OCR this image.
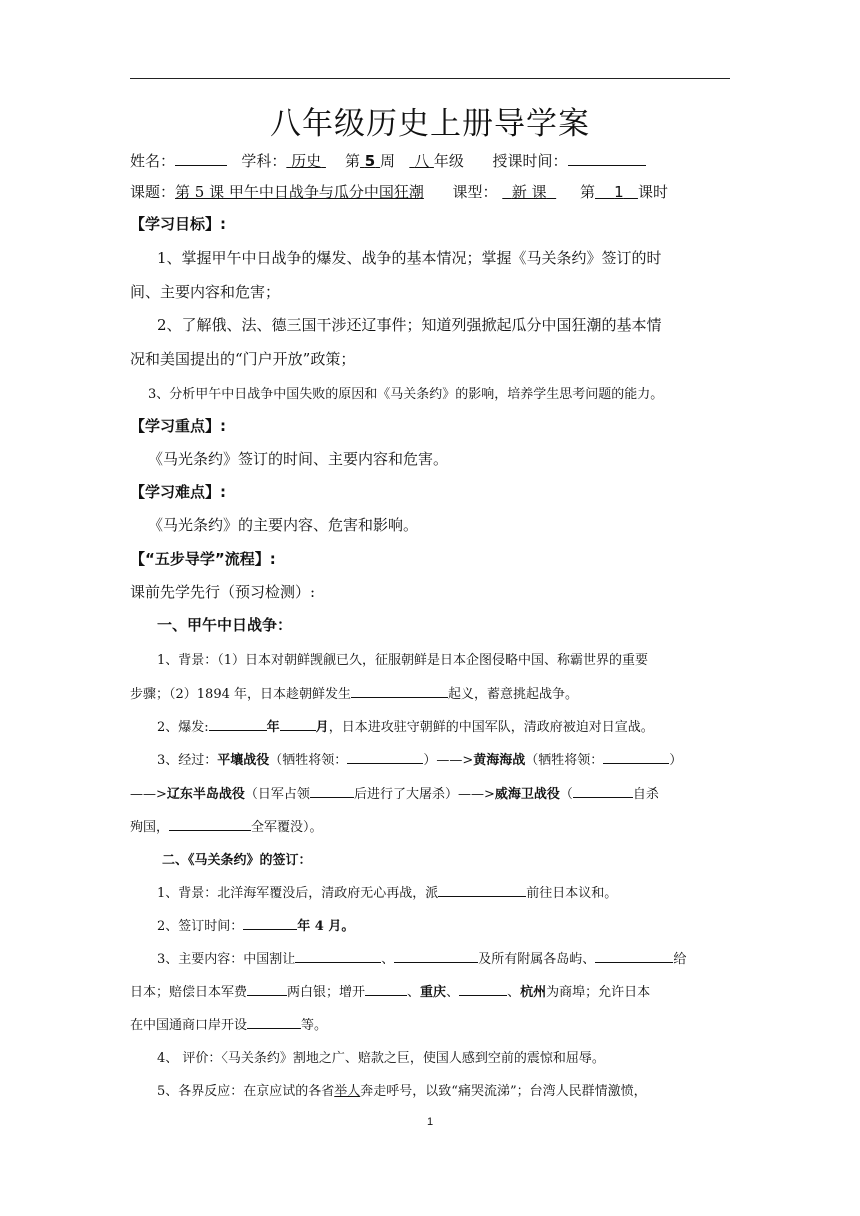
八年级历史上册导学案
姓名：	学科： 历史 第 5 周 八 年级 授课时间：
课题：第 5 课 甲午中日战争与瓜分中国狂潮 课型： 新 课 第 1 课时
【学习目标】:
1、掌握甲午中日战争的爆发、战争的基本情况；掌握《马关条约》签订的时
间、主要内容和危害；
2、了解俄、法、德三国干涉还辽事件；知道列强掀起瓜分中国狂潮的基本情
况和美国提出的“门户开放”政策；
3、分析甲午中日战争中国失败的原因和《马关条约》的影响，培养学生思考问题的能力。
【学习重点】:
《马光条约》签订的时间、主要内容和危害。
【学习难点】:
《马光条约》的主要内容、危害和影响。
【“五步导学”流程】:
课前先学先行（预习检测）:
一、甲午中日战争：
1、背景：（1）日本对朝鲜觊觎已久，征服朝鲜是日本企图侵略中国、称霸世界的重要
步骤；（2）1894 年，日本趁朝鲜发生	起义，蓄意挑起战争。
2、爆发:	年	月，日本进攻驻守朝鲜的中国军队，清政府被迫对日宣战。
3、经过：平壤战役（牺牲将领：	）——>黄海海战（牺牲将领：	）
——>辽东半岛战役（日军占领	后进行了大屠杀）——>威海卫战役（	自杀
殉国，	全军覆没）。
二、《马关条约》的签订：
1、背景：北洋海军覆没后，清政府无心再战，派	前往日本议和。
2、签订时间：	年 4 月。
3、主要内容：中国割让	、	及所有附属各岛屿、	给
日本；赔偿日本军费	两白银；增开	、重庆、	、杭州为商埠；允许日本
在中国通商口岸开设	等。
4、 评价：〈马关条约》割地之广、赔款之巨，使国人感到空前的震惊和屈辱。
5、各界反应：在京应试的各省举人奔走呼号，以致“痛哭流涕”；台湾人民群情激愤，
1
